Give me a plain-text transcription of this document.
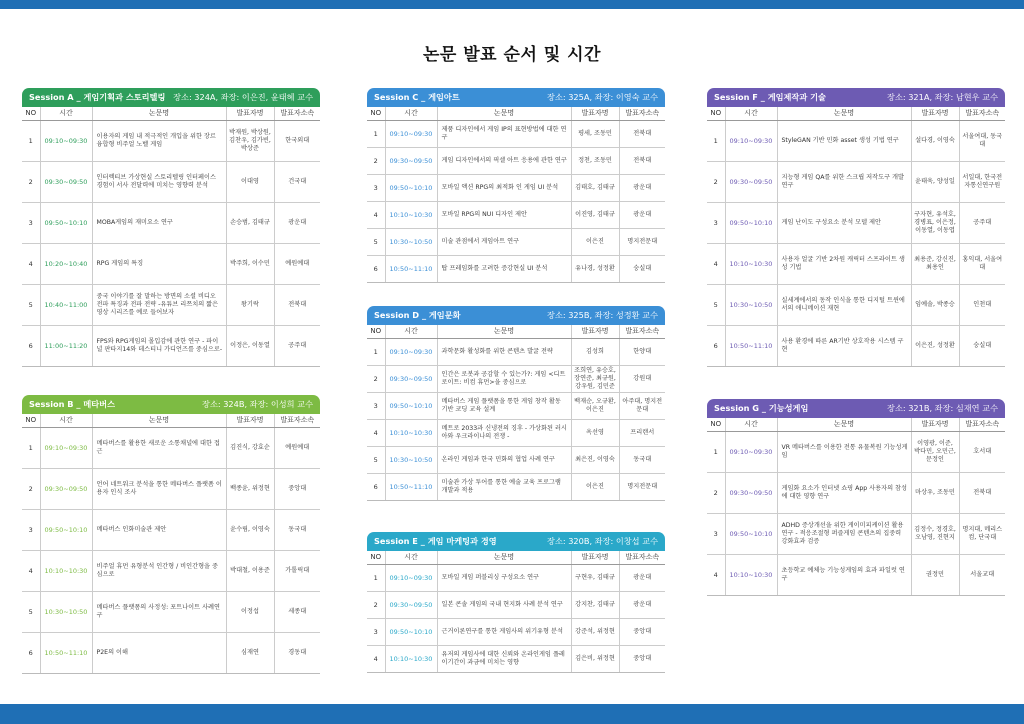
논문 발표 순서 및 시간
Session A _ 게임기획과 스토리텔링 장소: 324A, 좌장: 이은진, 윤태혜 교수
NO	시간	논문명	발표자명	발표자소속
1	09:10~09:30	이용자의 게임 내 적극적인 개입을 위한 장르 융합형 비주얼 노벨 게임	박재원, 박상원, 김찬우, 김가빈, 박상준	한국외대
2	09:30~09:50	인터렉티브 가상현실 스토리텔링 인터페이스 경험이 서사 전달력에 미치는 영향력 분석	이대영	건국대
3	09:50~10:10	MOBA게임의 재미요소 연구	손승범, 김태규	광운대
4	10:20~10:40	RPG 게임의 특징	박주희, 이수민	예원예대
5	10:40~11:00	중국 이야기를 잘 말하는 방면의 소셜 비디오 전파 특징과 전파 전략 -유튜브 리쯔치의 짧은 영상 시리즈를 예로 들어보자	왕기락	전북대
6	11:00~11:20	FPS와 RPG게임의 몰입감에 관한 연구 - 파이널 판타지14와 데스티니 가디언즈를 중심으로-	이정은, 이동열	공주대
Session B _ 메타버스	장소: 324B, 좌장: 이성희 교수
NO	시간	논문명	발표자명	발표자소속
1	09:10~09:30	메타버스를 활용한 새로운 소통채널에 대한 접근	김진식, 강효순	예원예대
2	09:30~09:50	언어 네트워크 분석을 통한 메타버스 플랫폼 이용자 인식 조사	백종윤, 위정현	중앙대
3	09:50~10:10	메타버스 인화미술관 제안	윤수림, 이영숙	동국대
4	10:10~10:30	비주얼 휴먼 유형분석 인간형 / 비인간형을 중심으로	박대철, 이용준	가톨릭대
5	10:30~10:50	메타버스 플랫폼의 사정성: 포트나이트 사례연구	이정섭	세종대
6	10:50~11:10	P2E의 이해	심재연	경동대
Session C _ 게임아트	장소: 325A, 좌장: 이영숙 교수
NO	시간	논문명	발표자명	발표자소속
1	09:10~09:30	제품 디자인에서 게임 IP의 표현방법에 대한 연구	평세, 조동민	전북대
2	09:30~09:50	게임 디자인에서의 픽셀 아트 응용에 관한 연구	정천, 조동민	전북대
3	09:50~10:10	모바일 액션 RPG의 최적화 인 게임 UI 분석	김태호, 김태규	광운대
4	10:10~10:30	모바일 RPG의 NUI 디자인 제안	이진영, 김태규	광운대
5	10:30~10:50	미술 관점에서 게임아트 연구	이은진	명지전문대
6	10:50~11:10	탑 프레임화를 고려한 증강현실 UI 분석	유나경, 성정환	숭실대
Session D _ 게임문화	장소: 325B, 좌장: 성정환 교수
NO	시간	논문명	발표자명	발표자소속
1	09:10~09:30	과학문화 활성화를 위한 콘텐츠 발굴 전략	김성희	한양대
2	09:30~09:50	인간은 로봇과 공감할 수 있는가?: 게임 <디트로이트: 비컴 휴먼>을 중심으로	조희연, 유승호, 장연준, 최규원, 강우원, 김민준	강원대
3	09:50~10:10	메타버스 게임 플랫폼을 통한 게임 창작 활동 기반 코딩 교육 설계	백재순, 오규환, 이은진	아주대, 명지전문대
4	10:10~10:30	메트로 2033과 신냉전의 징후 - 가상화된 러시아와 우크라이나의 전쟁 -	옥선영	프리랜서
5	10:30~10:50	온라인 게임과 한국 민화의 협업 사례 연구	최은진, 이영숙	동국대
6	10:50~11:10	미술관 가상 투어를 통한 예술 교육 프로그램 개발과 적용	이은진	명지전문대
Session E _ 게임 마케팅과 경영	장소: 320B, 좌장: 이창섭 교수
NO	시간	논문명	발표자명	발표자소속
1	09:10~09:30	모바일 게임 퍼블리싱 구성요소 연구	구현우, 김태규	광운대
2	09:30~09:50	일본 콘솔 게임의 국내 현지화 사례 분석 연구	강지찬, 김태규	광운대
3	09:50~10:10	근거이론연구를 통한 게임사의 위기유형 분석	강준석, 위정현	중앙대
4	10:10~10:30	유저의 게임사에 대한 신뢰와 온라인게임 플레이기간이 과금에 미치는 영향	김은비, 위정현	중앙대
Session F _ 게임제작과 기술	장소: 321A, 좌장: 남현우 교수
NO	시간	논문명	발표자명	발표자소속
1	09:10~09:30	StyleGAN 기반 민화 asset 생성 기법 연구	설다경, 이영숙	서울여대, 동국대
2	09:30~09:50	지능형 게임 QA를 위한 스크립 저작도구 개발 연구	윤태욱, 양성일	서일대, 한국전자통신연구원
3	09:50~10:10	게임 난이도 구성요소 분석 모델 제안	구자현, 유석호, 경병표, 이은정, 이동열, 이동엽	공주대
4	10:10~10:30	사용자 얼굴 기반 2차원 캐릭터 스프라이트 생성 기법	최용준, 강신진, 최용인	홍익대, 서울여대
5	10:30~10:50	실세계에서의 동작 인식을 통한 디지털 트윈에서의 애니메이션 재현	임예솔, 박종승	인천대
6	10:50~11:10	사용 환경에 따른 AR기반 상호작용 시스템 구현	이은진, 성정환	숭실대
Session G _ 기능성게임	장소: 321B, 좌장: 심재연 교수
NO	시간	논문명	발표자명	발표자소속
1	09:10~09:30	VR 메타버스를 이용한 전통 유물복원 기능성게임	이영광, 이준, 박다민, 오민근, 문정인	호서대
2	09:30~09:50	게임화 요소가 인터넷 쇼핑 App 사용자의 참성에 대한 영향 연구	마상우, 조동민	전북대
3	09:50~10:10	ADHD 증상개선을 위한 게이미피케이션 활용연구 - 적응조절형 퍼즐게임 콘텐츠의 집중력 강화효과 검증	김정수, 정경호, 오남영, 진현지	명지대, 메리스컴, 단국대
4	10:10~10:30	초등학교 예체능 기능성게임의 효과 파일럿 연구	권정민	서울교대
